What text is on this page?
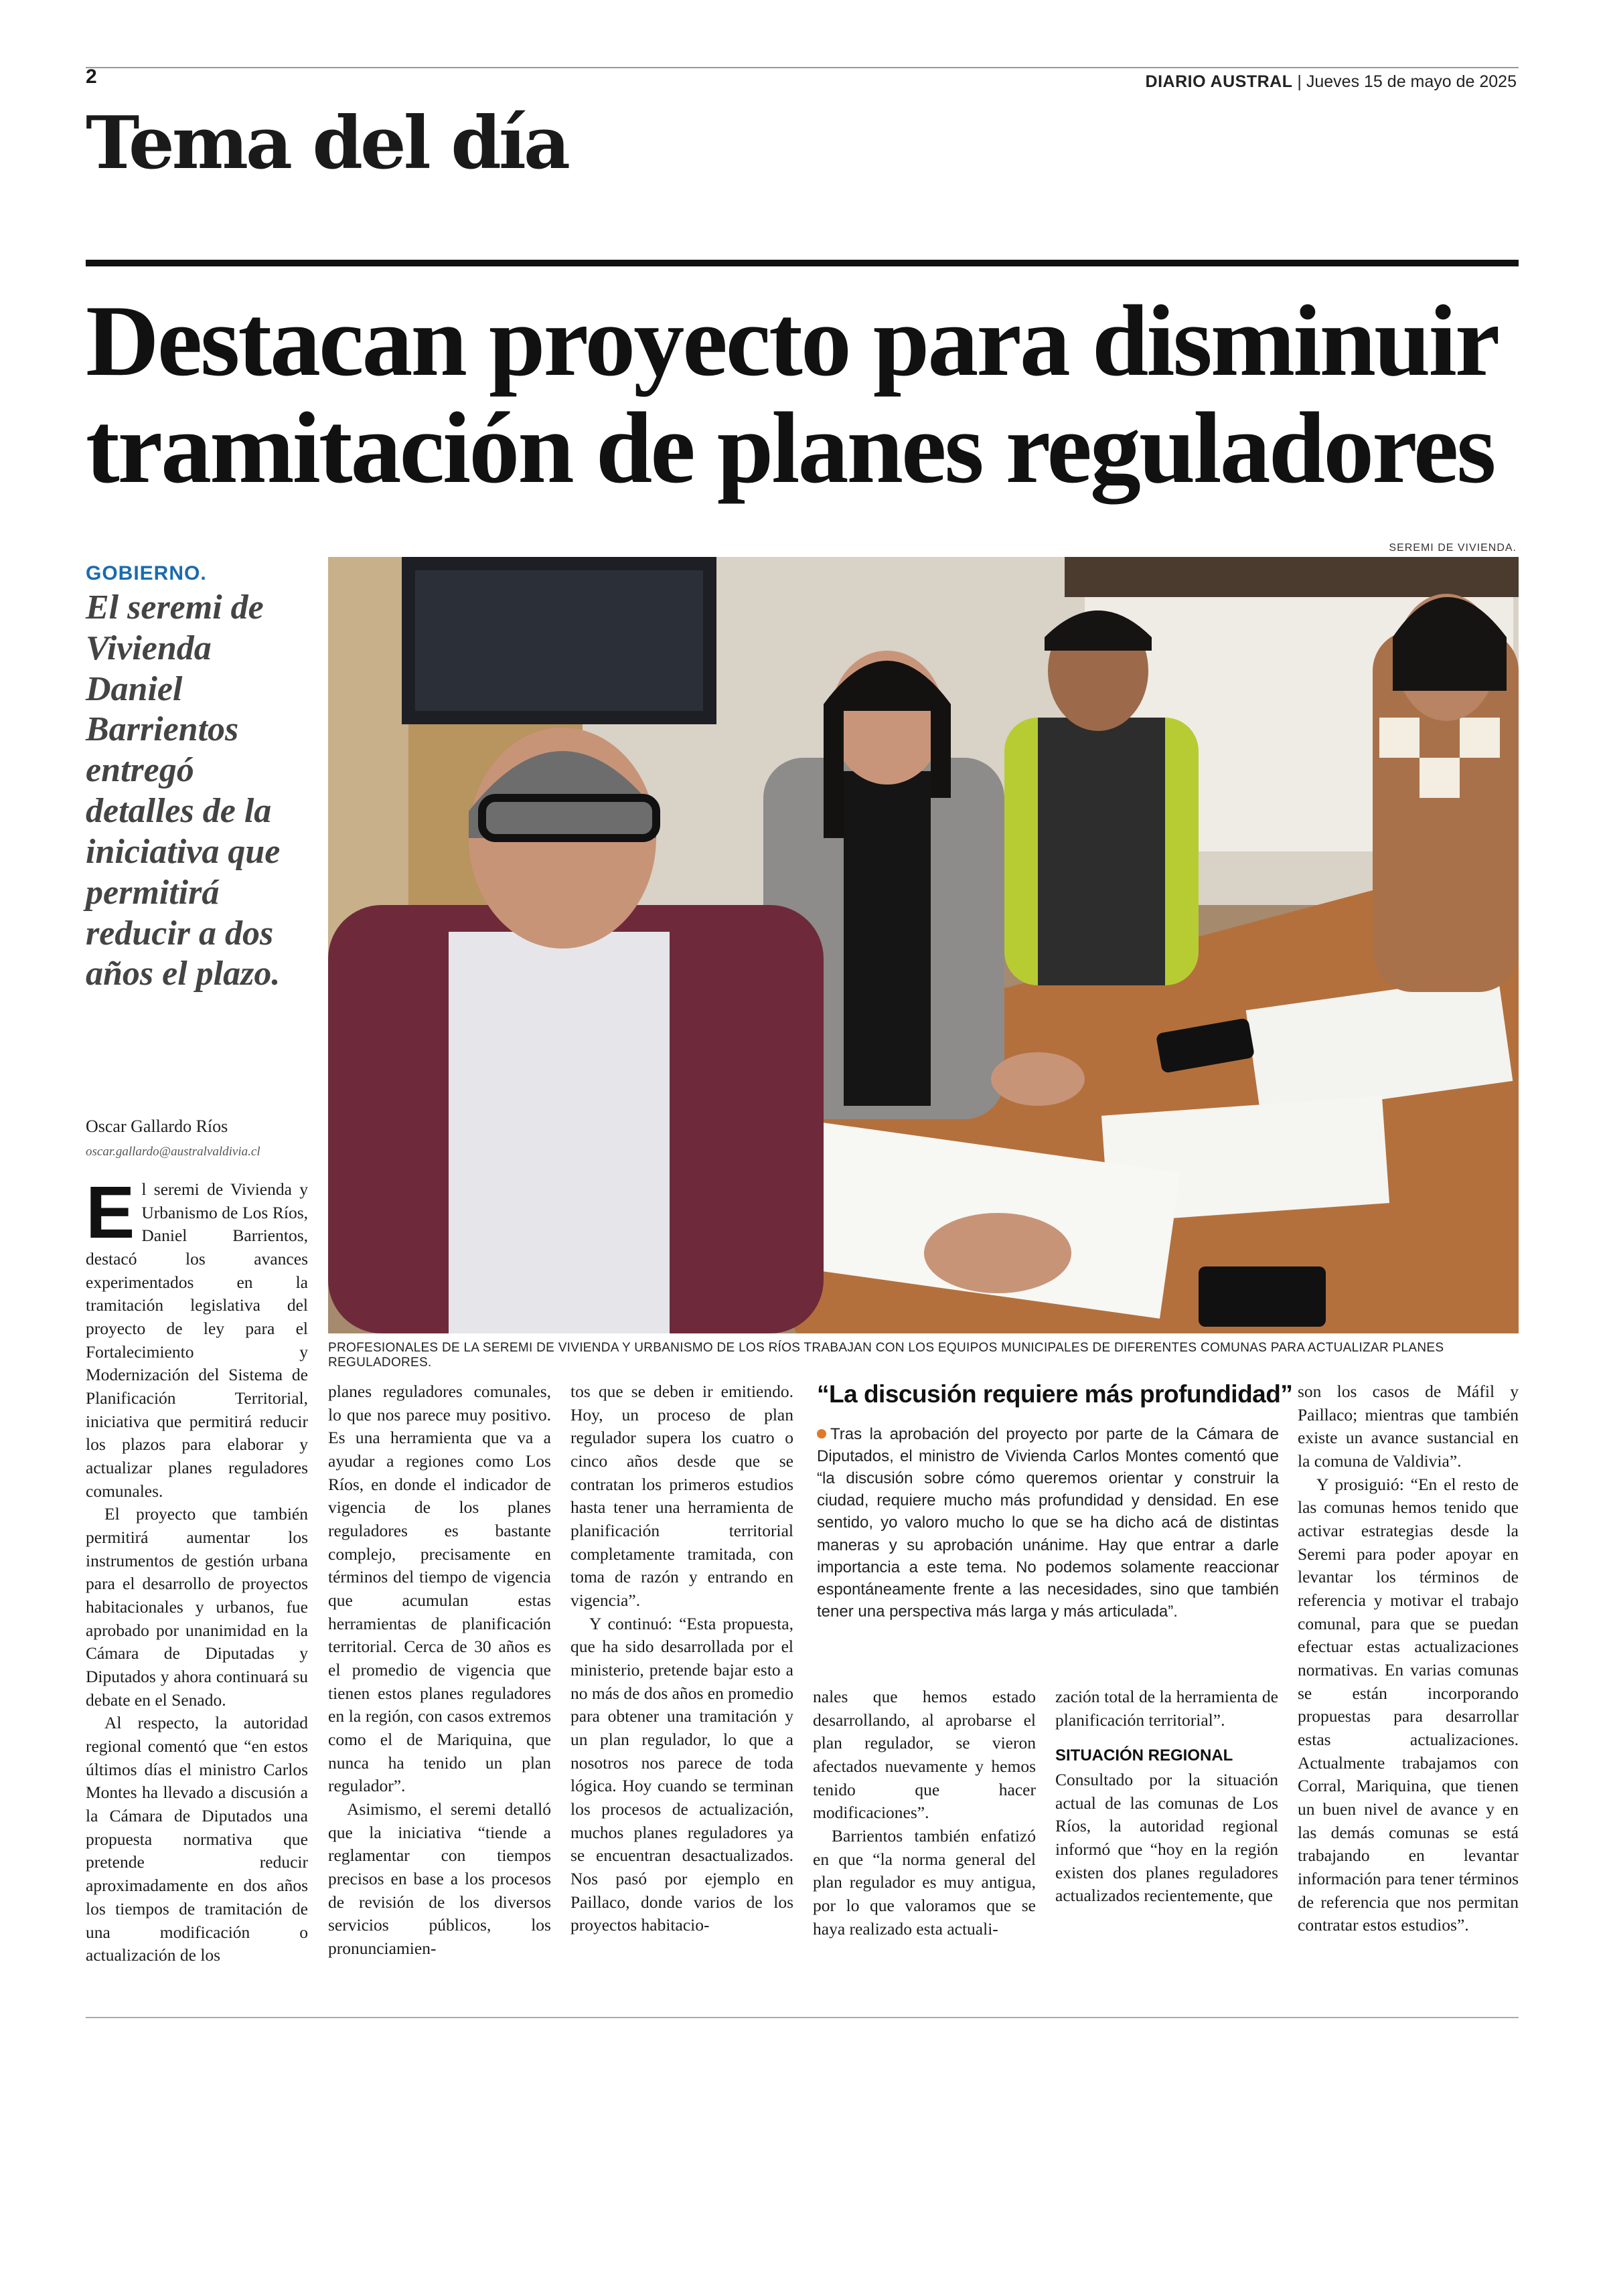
2	DIARIO AUSTRAL | Jueves 15 de mayo de 2025
Tema del día
Destacan proyecto para disminuir tramitación de planes reguladores
GOBIERNO.
El seremi de Vivienda Daniel Barrientos entregó detalles de la iniciativa que permitirá reducir a dos años el plazo.
Oscar Gallardo Ríos
oscar.gallardo@australvaldivia.cl
SEREMI DE VIVIENDA.
PROFESIONALES DE LA SEREMI DE VIVIENDA Y URBANISMO DE LOS RÍOS TRABAJAN CON LOS EQUIPOS MUNICIPALES DE DIFERENTES COMUNAS PARA ACTUALIZAR PLANES REGULADORES.

El seremi de Vivienda y Urbanismo de Los Ríos, Daniel Barrientos, destacó los avances experimentados en la tramitación legislativa del proyecto de ley para el Fortalecimiento y Modernización del Sistema de Planificación Territorial, iniciativa que permitirá reducir los plazos para elaborar y actualizar planes reguladores comunales.

El proyecto que también permitirá aumentar los instrumentos de gestión urbana para el desarrollo de proyectos habitacionales y urbanos, fue aprobado por unanimidad en la Cámara de Diputadas y Diputados y ahora continuará su debate en el Senado.

Al respecto, la autoridad regional comentó que “en estos últimos días el ministro Carlos Montes ha llevado a discusión a la Cámara de Diputados una propuesta normativa que pretende reducir aproximadamente en dos años los tiempos de tramitación de una modificación o actualización de los

planes reguladores comunales, lo que nos parece muy positivo. Es una herramienta que va a ayudar a regiones como Los Ríos, en donde el indicador de vigencia de los planes reguladores es bastante complejo, precisamente en términos del tiempo de vigencia que acumulan estas herramientas de planificación territorial. Cerca de 30 años es el promedio de vigencia que tienen estos planes reguladores en la región, con casos extremos como el de Mariquina, que nunca ha tenido un plan regulador”.

Asimismo, el seremi detalló que la iniciativa “tiende a reglamentar con tiempos precisos en base a los procesos de revisión de los diversos servicios públicos, los pronunciamien-

tos que se deben ir emitiendo. Hoy, un proceso de plan regulador supera los cuatro o cinco años desde que se contratan los primeros estudios hasta tener una herramienta de planificación territorial completamente tramitada, con toma de razón y entrando en vigencia”.

Y continuó: “Esta propuesta, que ha sido desarrollada por el ministerio, pretende bajar esto a no más de dos años en promedio para obtener una tramitación y un plan regulador, lo que a nosotros nos parece de toda lógica. Hoy cuando se terminan los procesos de actualización, muchos planes reguladores ya se encuentran desactualizados. Nos pasó por ejemplo en Paillaco, donde varios de los proyectos habitacio-

“La discusión requiere más profundidad”
Tras la aprobación del proyecto por parte de la Cámara de Diputados, el ministro de Vivienda Carlos Montes comentó que “la discusión sobre cómo queremos orientar y construir la ciudad, requiere mucho más profundidad y densidad. En ese sentido, yo valoro mucho lo que se ha dicho acá de distintas maneras y su aprobación unánime. Hay que entrar a darle importancia a este tema. No podemos solamente reaccionar espontáneamente frente a las necesidades, sino que también tener una perspectiva más larga y más articulada”.

nales que hemos estado desarrollando, al aprobarse el plan regulador, se vieron afectados nuevamente y hemos tenido que hacer modificaciones”.

Barrientos también enfatizó en que “la norma general del plan regulador es muy antigua, por lo que valoramos que se haya realizado esta actuali-

zación total de la herramienta de planificación territorial”.

SITUACIÓN REGIONAL

Consultado por la situación actual de las comunas de Los Ríos, la autoridad regional informó que “hoy en la región existen dos planes reguladores actualizados recientemente, que

son los casos de Máfil y Paillaco; mientras que también existe un avance sustancial en la comuna de Valdivia”.

Y prosiguió: “En el resto de las comunas hemos tenido que activar estrategias desde la Seremi para poder apoyar en levantar los términos de referencia y motivar el trabajo comunal, para que se puedan efectuar estas actualizaciones normativas. En varias comunas se están incorporando propuestas para desarrollar estas actualizaciones. Actualmente trabajamos con Corral, Mariquina, que tienen un buen nivel de avance y en las demás comunas se está trabajando en levantar información para tener términos de referencia que nos permitan contratar estos estudios”.
